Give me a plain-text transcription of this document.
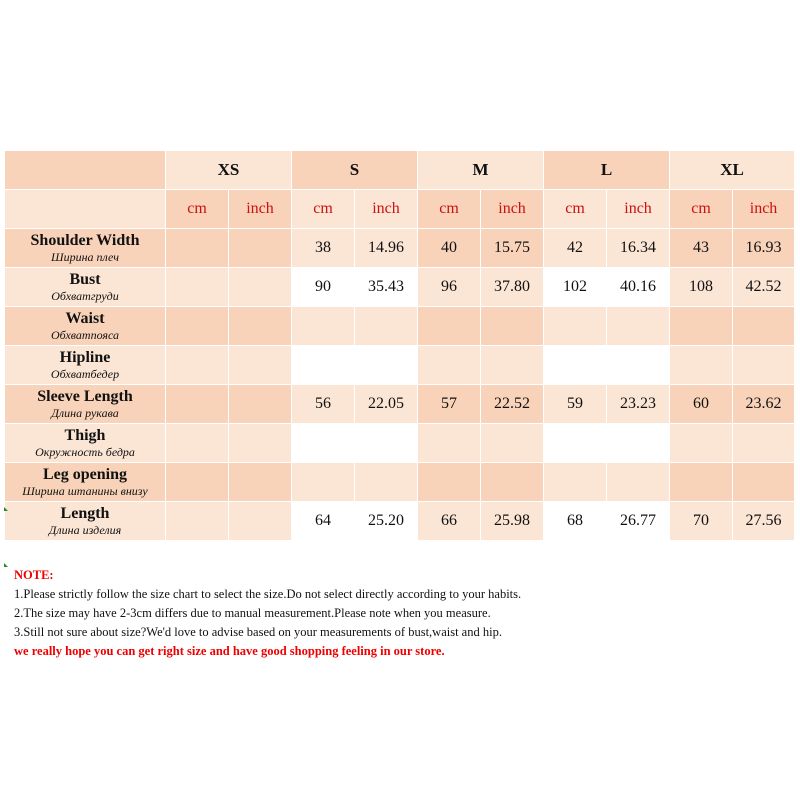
	XS		S		M		L		XL	
	cm	inch	cm	inch	cm	inch	cm	inch	cm	inch

Shoulder Width
Ширина плеч			38	14.96	40	15.75	42	16.34	43	16.93

Bust
Обхватгруди			90	35.43	96	37.80	102	40.16	108	42.52

Waist
Обхватпояса										

Hipline
Обхватбедер										

Sleeve Length
Длина рукава			56	22.05	57	22.52	59	23.23	60	23.62

Thigh
Окружность бедра										

Leg opening
Ширина штанины внизу										

Length
Длина изделия			64	25.20	66	25.98	68	26.77	70	27.56
NOTE:
1.Please strictly follow the size chart to select the size.Do not select directly according to your habits.
2.The size may have 2-3cm differs due to manual measurement.Please note when you measure.
3.Still not sure about size?We'd love to advise based on your measurements of bust,waist and hip.
we really hope you can get right size and have good shopping feeling in our store.
